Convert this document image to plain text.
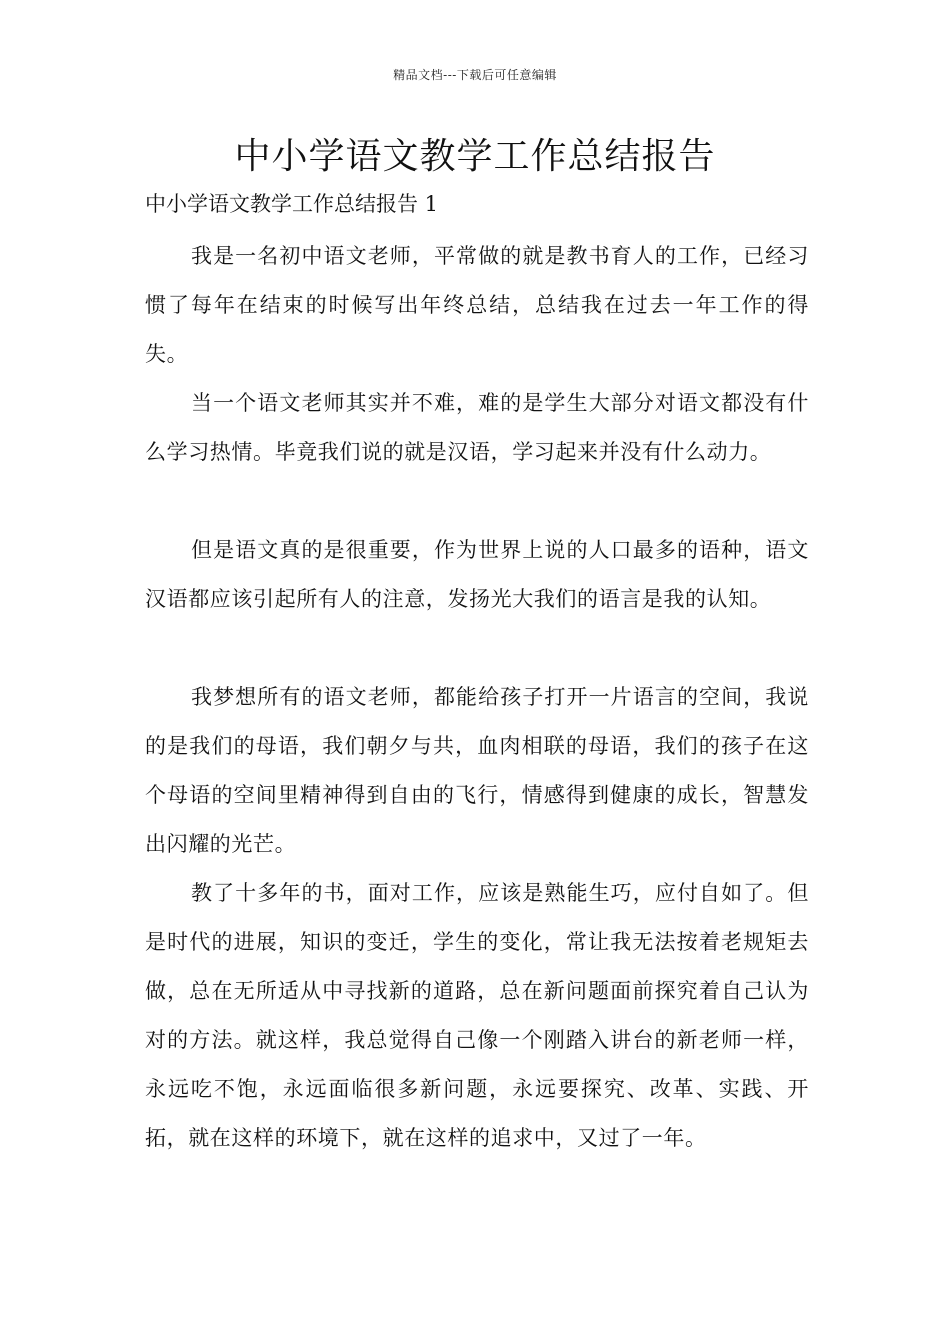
精品文档---下载后可任意编辑
中小学语文教学工作总结报告

中小学语文教学工作总结报告 1

我是一名初中语文老师，平常做的就是教书育人的工作，已经习惯了每年在结束的时候写出年终总结，总结我在过去一年工作的得失。

当一个语文老师其实并不难，难的是学生大部分对语文都没有什么学习热情。毕竟我们说的就是汉语，学习起来并没有什么动力。

但是语文真的是很重要，作为世界上说的人口最多的语种，语文汉语都应该引起所有人的注意，发扬光大我们的语言是我的认知。

我梦想所有的语文老师，都能给孩子打开一片语言的空间，我说的是我们的母语，我们朝夕与共，血肉相联的母语，我们的孩子在这个母语的空间里精神得到自由的飞行，情感得到健康的成长，智慧发出闪耀的光芒。

教了十多年的书，面对工作，应该是熟能生巧，应付自如了。但是时代的进展，知识的变迁，学生的变化，常让我无法按着老规矩去做，总在无所适从中寻找新的道路，总在新问题面前探究着自己认为对的方法。就这样，我总觉得自己像一个刚踏入讲台的新老师一样，永远吃不饱，永远面临很多新问题，永远要探究、改革、实践、开拓，就在这样的环境下，就在这样的追求中，又过了一年。
